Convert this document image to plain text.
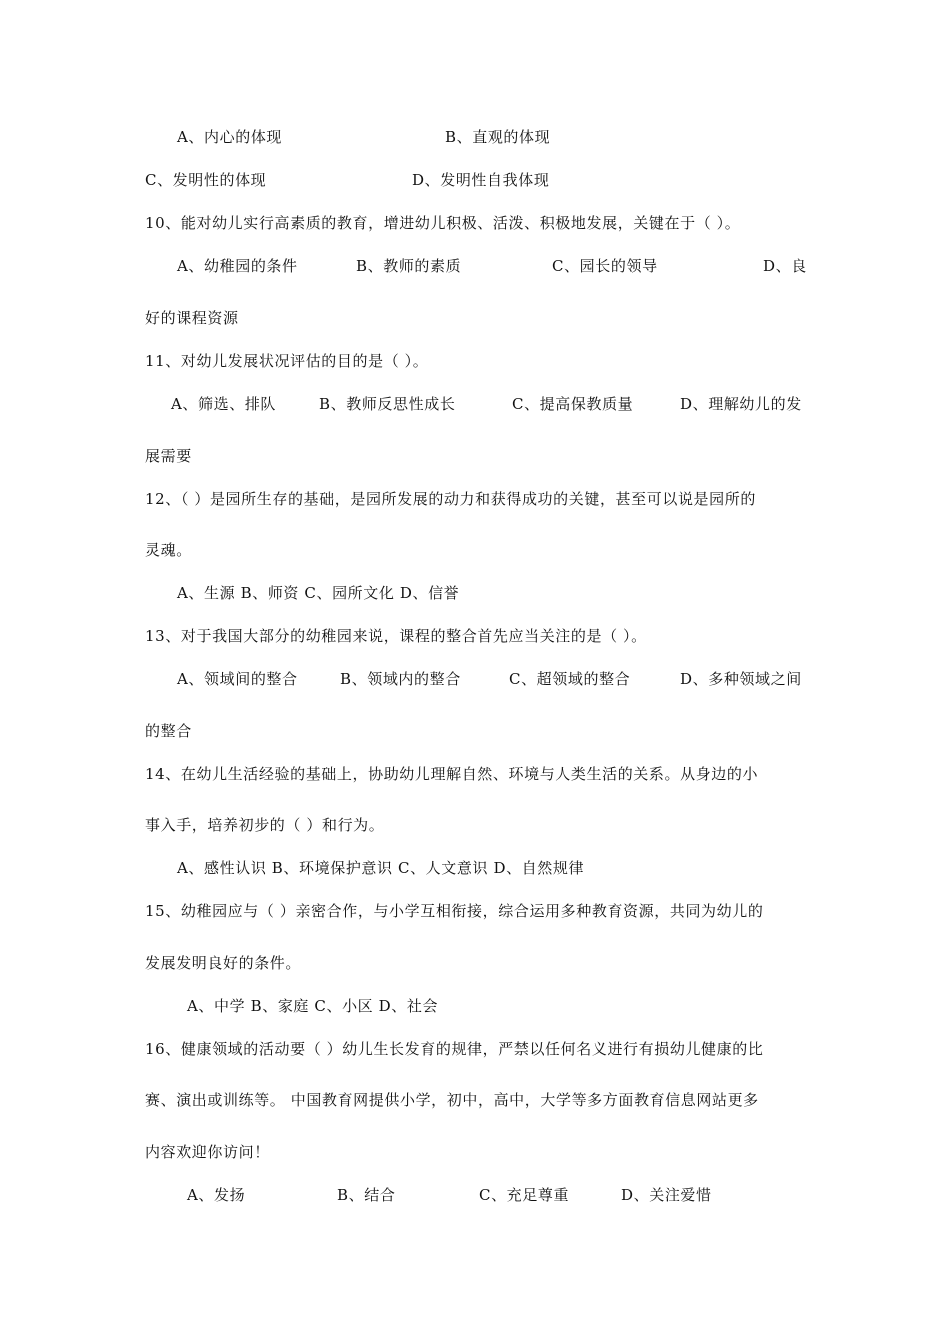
A、内心的体现	B、直观的体现
C、发明性的体现	D、发明性自我体现
10、能对幼儿实行高素质的教育，增进幼儿积极、活泼、积极地发展，关键在于（ ）。
A、幼稚园的条件	B、教师的素质	C、园长的领导	D、良
好的课程资源
11、对幼儿发展状况评估的目的是（ ）。
A、筛选、排队	B、教师反思性成长	C、提高保教质量	D、理解幼儿的发
展需要
12、（ ）是园所生存的基础，是园所发展的动力和获得成功的关键，甚至可以说是园所的
灵魂。
A、生源 B、师资 C、园所文化 D、信誉
13、对于我国大部分的幼稚园来说，课程的整合首先应当关注的是（ ）。
A、领域间的整合	B、领域内的整合	C、超领域的整合	D、多种领域之间
的整合
14、在幼儿生活经验的基础上，协助幼儿理解自然、环境与人类生活的关系。从身边的小
事入手，培养初步的（ ）和行为。
A、感性认识 B、环境保护意识 C、人文意识 D、自然规律
15、幼稚园应与（ ）亲密合作，与小学互相衔接，综合运用多种教育资源，共同为幼儿的
发展发明良好的条件。
A、中学 B、家庭 C、小区 D、社会
16、健康领域的活动要（ ）幼儿生长发育的规律，严禁以任何名义进行有损幼儿健康的比
赛、演出或训练等。 中国教育网提供小学，初中，高中，大学等多方面教育信息网站更多
内容欢迎你访问！
A、发扬	B、结合	C、充足尊重	D、关注爱惜
